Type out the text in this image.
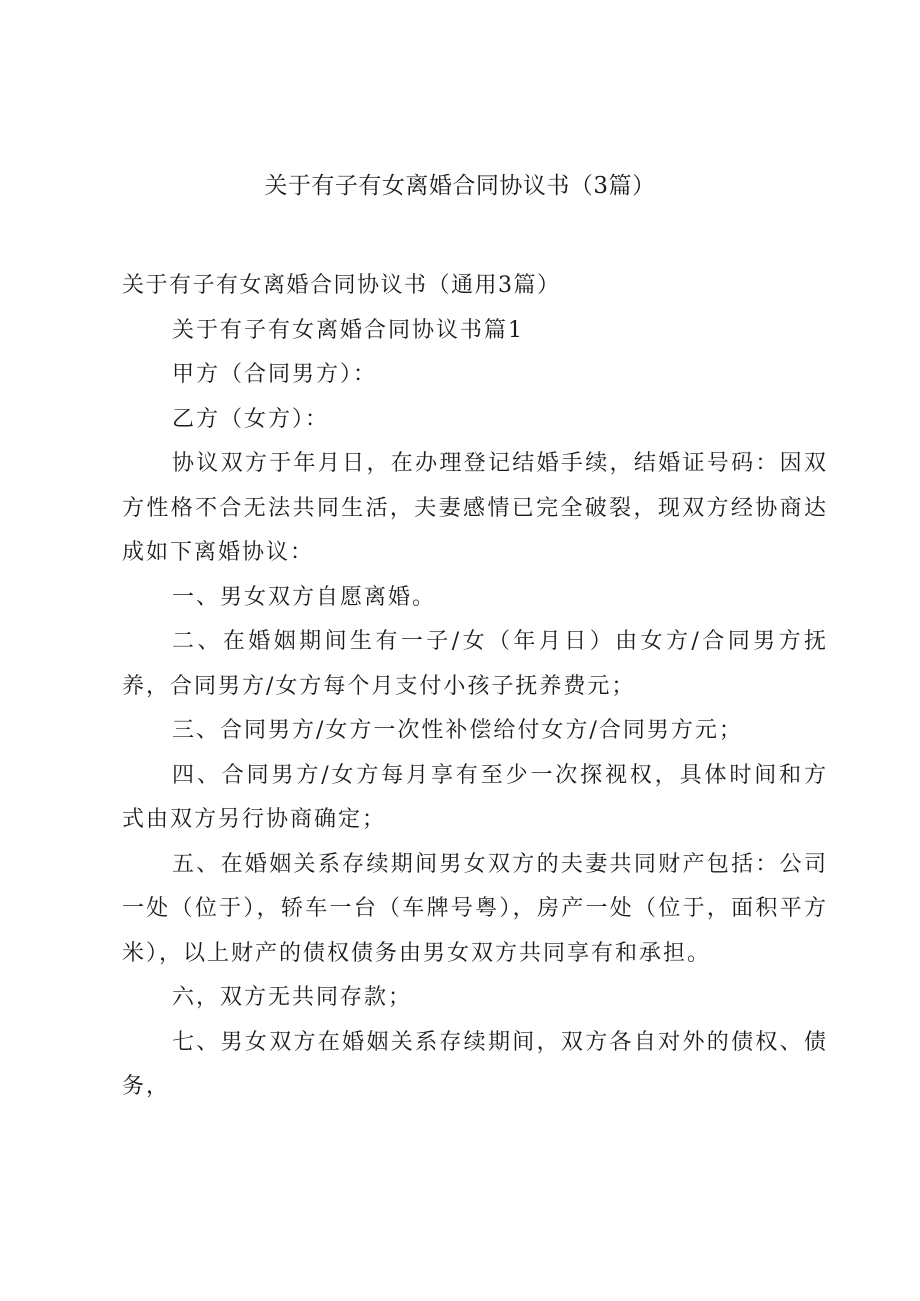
关于有子有女离婚合同协议书（3篇）

关于有子有女离婚合同协议书（通用3篇）

关于有子有女离婚合同协议书篇1

甲方（合同男方）：

乙方（女方）：

协议双方于年月日，在办理登记结婚手续，结婚证号码：因双方性格不合无法共同生活，夫妻感情已完全破裂，现双方经协商达成如下离婚协议：

一、男女双方自愿离婚。

二、在婚姻期间生有一子/女（年月日）由女方/合同男方抚养，合同男方/女方每个月支付小孩子抚养费元；

三、合同男方/女方一次性补偿给付女方/合同男方元；

四、合同男方/女方每月享有至少一次探视权，具体时间和方式由双方另行协商确定；

五、在婚姻关系存续期间男女双方的夫妻共同财产包括：公司一处（位于），轿车一台（车牌号粤），房产一处（位于，面积平方米），以上财产的债权债务由男女双方共同享有和承担。

六，双方无共同存款；

七、男女双方在婚姻关系存续期间，双方各自对外的债权、债务，
